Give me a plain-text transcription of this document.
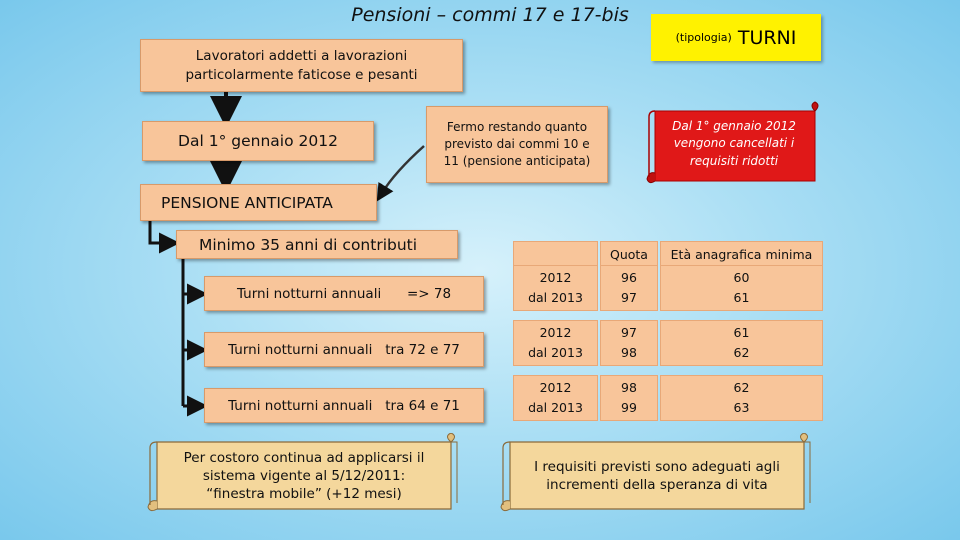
Pensioni – commi 17 e 17-bis
(tipologia) TURNI
Lavoratori addetti a lavorazioni
particolarmente faticose e pesanti
Dal 1° gennaio 2012
Fermo restando quanto
previsto dai commi 10 e
11 (pensione anticipata)
Dal 1° gennaio 2012
vengono cancellati i
requisiti ridotti
PENSIONE ANTICIPATA
Minimo 35 anni di contributi
Turni notturni annuali      => 78
Turni notturni annuali   tra 72 e 77
Turni notturni annuali   tra 64 e 71
Quota	Età anagrafica minima
2012
dal 2013
96
97
60
61
2012
dal 2013
97
98
61
62
2012
dal 2013
98
99
62
63
Per costoro continua ad applicarsi il
sistema vigente al 5/12/2011:
“finestra mobile” (+12 mesi)
I requisiti previsti sono adeguati agli
incrementi della speranza di vita
